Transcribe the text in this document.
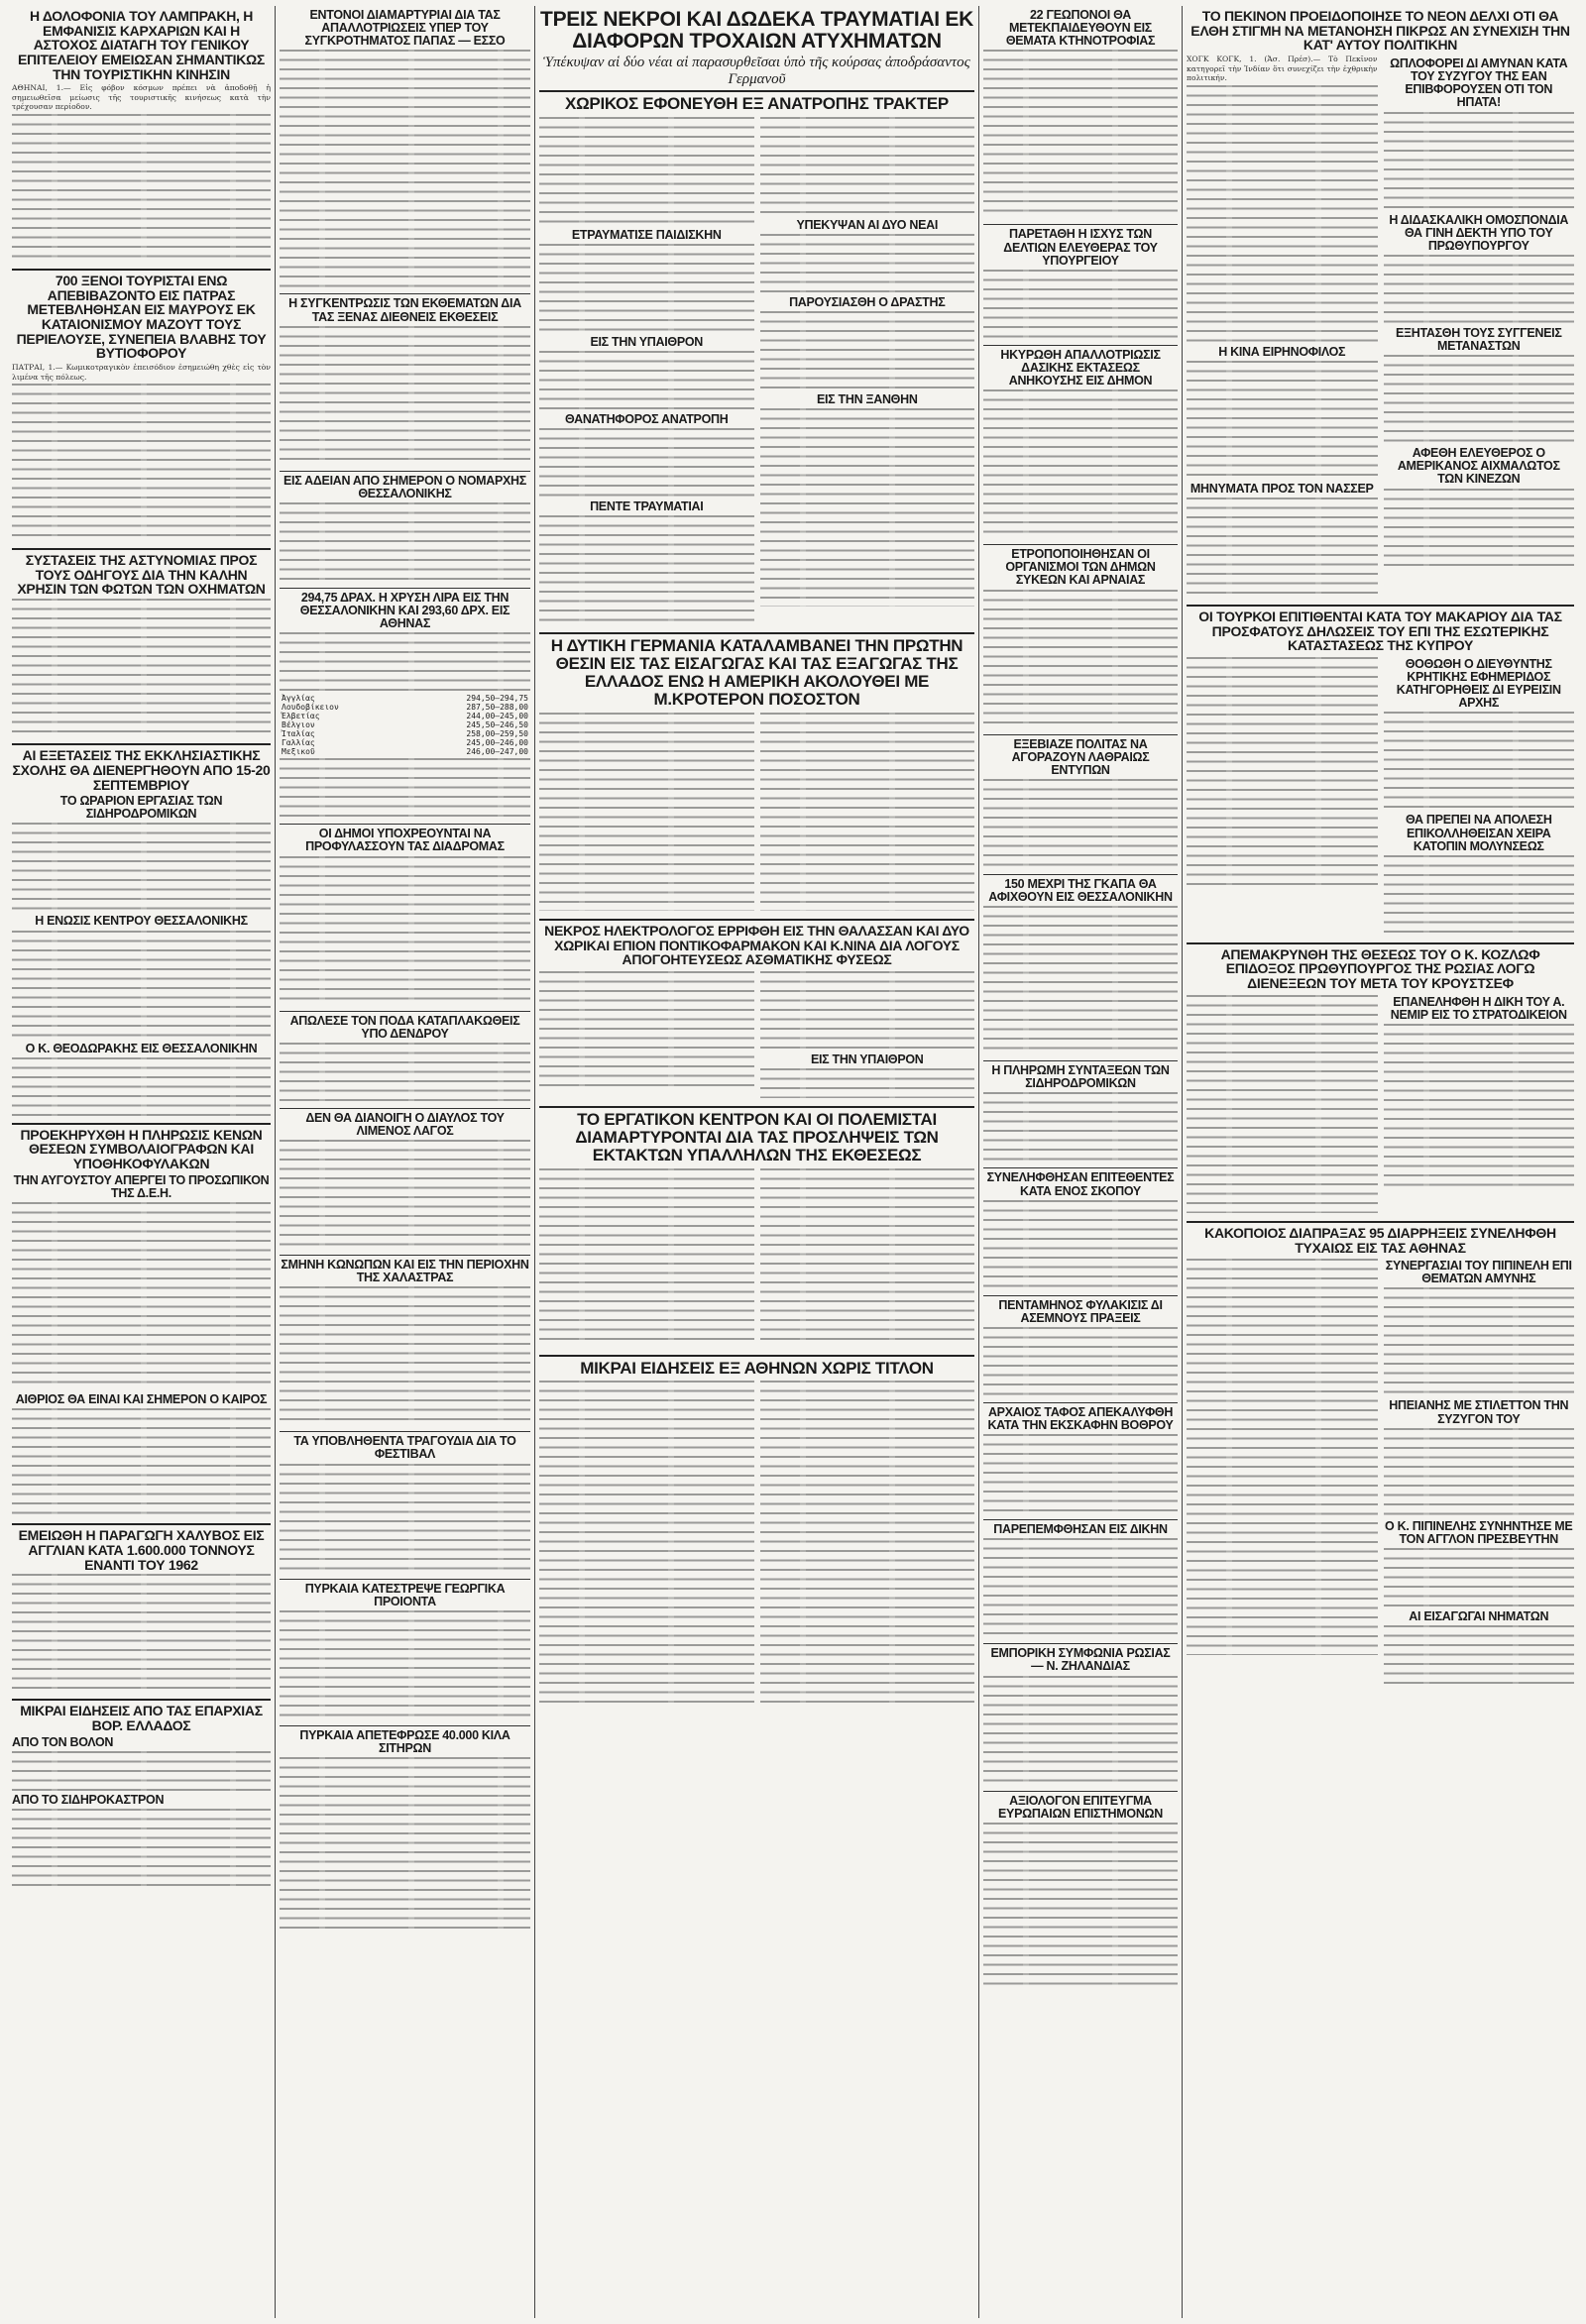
Η ΔΟΛΟΦΟΝΙΑ ΤΟΥ ΛΑΜΠΡΑΚΗ, Η ΕΜΦΑΝΙΣΙΣ ΚΑΡΧΑΡΙΩΝ ΚΑΙ Η ΑΣΤΟΧΟΣ ΔΙΑΤΑΓΗ ΤΟΥ ΓΕΝΙΚΟΥ ΕΠΙΤΕΛΕΙΟΥ ΕΜΕΙΩΣΑΝ ΣΗΜΑΝΤΙΚΩΣ ΤΗΝ ΤΟΥΡΙΣΤΙΚΗΝ ΚΙΝΗΣΙΝ
ΑΘΗΝΑΙ, 1.— Εἰς φόβον κόσμων πρέπει νὰ ἀποδοθῇ ἡ σημειωθεῖσα μείωσις τῆς τουριστικῆς κινήσεως κατὰ τὴν τρέχουσαν περίοδον.
700 ΞΕΝΟΙ ΤΟΥΡΙΣΤΑΙ ΕΝΩ ΑΠΕΒΙΒΑΖΟΝΤΟ ΕΙΣ ΠΑΤΡΑΣ ΜΕΤΕΒΛΗΘΗΣΑΝ ΕΙΣ ΜΑΥΡΟΥΣ ΕΚ ΚΑΤΑΙΟΝΙΣΜΟΥ ΜΑΖΟΥΤ ΤΟΥΣ ΠΕΡΙΕΛΟΥΣΕ, ΣΥΝΕΠΕΙΑ ΒΛΑΒΗΣ ΤΟΥ ΒΥΤΙΟΦΟΡΟΥ
ΠΑΤΡΑΙ, 1.— Κωμικοτραγικὸν ἐπεισόδιον ἐσημειώθη χθὲς εἰς τὸν λιμένα τῆς πόλεως.
ΣΥΣΤΑΣΕΙΣ ΤΗΣ ΑΣΤΥΝΟΜΙΑΣ ΠΡΟΣ ΤΟΥΣ ΟΔΗΓΟΥΣ ΔΙΑ ΤΗΝ ΚΑΛΗΝ ΧΡΗΣΙΝ ΤΩΝ ΦΩΤΩΝ ΤΩΝ ΟΧΗΜΑΤΩΝ
ΑΙ ΕΞΕΤΑΣΕΙΣ ΤΗΣ ΕΚΚΛΗΣΙΑΣΤΙΚΗΣ ΣΧΟΛΗΣ ΘΑ ΔΙΕΝΕΡΓΗΘΟΥΝ ΑΠΟ 15-20 ΣΕΠΤΕΜΒΡΙΟΥ
ΤΟ ΩΡΑΡΙΟΝ ΕΡΓΑΣΙΑΣ ΤΩΝ ΣΙΔΗΡΟΔΡΟΜΙΚΩΝ
Η ΕΝΩΣΙΣ ΚΕΝΤΡΟΥ ΘΕΣΣΑΛΟΝΙΚΗΣ
Ο Κ. ΘΕΟΔΩΡΑΚΗΣ ΕΙΣ ΘΕΣΣΑΛΟΝΙΚΗΝ
ΠΡΟΕΚΗΡΥΧΘΗ Η ΠΛΗΡΩΣΙΣ ΚΕΝΩΝ ΘΕΣΕΩΝ ΣΥΜΒΟΛΑΙΟΓΡΑΦΩΝ ΚΑΙ ΥΠΟΘΗΚΟΦΥΛΑΚΩΝ
ΤΗΝ ΑΥΓΟΥΣΤΟΥ ΑΠΕΡΓΕΙ ΤΟ ΠΡΟΣΩΠΙΚΟΝ ΤΗΣ Δ.Ε.Η.
ΑΙΘΡΙΟΣ ΘΑ ΕΙΝΑΙ ΚΑΙ ΣΗΜΕΡΟΝ Ο ΚΑΙΡΟΣ
ΕΜΕΙΩΘΗ Η ΠΑΡΑΓΩΓΗ ΧΑΛΥΒΟΣ ΕΙΣ ΑΓΓΛΙΑΝ ΚΑΤΑ 1.600.000 ΤΟΝΝΟΥΣ ΕΝΑΝΤΙ ΤΟΥ 1962
ΜΙΚΡΑΙ ΕΙΔΗΣΕΙΣ ΑΠΟ ΤΑΣ ΕΠΑΡΧΙΑΣ ΒΟΡ. ΕΛΛΑΔΟΣ
ΑΠΟ ΤΟΝ ΒΟΛΟΝ
ΑΠΟ ΤΟ ΣΙΔΗΡΟΚΑΣΤΡΟΝ
ΕΝΤΟΝΟΙ ΔΙΑΜΑΡΤΥΡΙΑΙ ΔΙΑ ΤΑΣ ΑΠΑΛΛΟΤΡΙΩΣΕΙΣ ΥΠΕΡ ΤΟΥ ΣΥΓΚΡΟΤΗΜΑΤΟΣ ΠΑΠΑΣ — ΕΣΣΟ
Η ΣΥΓΚΕΝΤΡΩΣΙΣ ΤΩΝ ΕΚΘΕΜΑΤΩΝ ΔΙΑ ΤΑΣ ΞΕΝΑΣ ΔΙΕΘΝΕΙΣ ΕΚΘΕΣΕΙΣ
ΕΙΣ ΑΔΕΙΑΝ ΑΠΟ ΣΗΜΕΡΟΝ Ο ΝΟΜΑΡΧΗΣ ΘΕΣΣΑΛΟΝΙΚΗΣ
294,75 ΔΡΑΧ. Η ΧΡΥΣΗ ΛΙΡΑ ΕΙΣ ΤΗΝ ΘΕΣΣΑΛΟΝΙΚΗΝ ΚΑΙ 293,60 ΔΡΧ. ΕΙΣ ΑΘΗΝΑΣ
Ἀγγλίας	294,50—294,75
Λουδοβίκειον	287,50—288,00
Ἑλβετίας	244,00—245,00
Βέλγιον	245,50—246,50
Ἰταλίας	258,00—259,50
Γαλλίας	245,00—246,00
Μεξικοῦ	246,00—247,00
ΟΙ ΔΗΜΟΙ ΥΠΟΧΡΕΟΥΝΤΑΙ ΝΑ ΠΡΟΦΥΛΑΣΣΟΥΝ ΤΑΣ ΔΙΑΔΡΟΜΑΣ
ΑΠΩΛΕΣΕ ΤΟΝ ΠΟΔΑ ΚΑΤΑΠΛΑΚΩΘΕΙΣ ΥΠΟ ΔΕΝΔΡΟΥ
ΔΕΝ ΘΑ ΔΙΑΝΟΙΓΗ Ο ΔΙΑΥΛΟΣ ΤΟΥ ΛΙΜΕΝΟΣ ΛΑΓΟΣ
ΣΜΗΝΗ ΚΩΝΩΠΩΝ ΚΑΙ ΕΙΣ ΤΗΝ ΠΕΡΙΟΧΗΝ ΤΗΣ ΧΑΛΑΣΤΡΑΣ
ΤΑ ΥΠΟΒΛΗΘΕΝΤΑ ΤΡΑΓΟΥΔΙΑ ΔΙΑ ΤΟ ΦΕΣΤΙΒΑΛ
ΠΥΡΚΑΙΑ ΚΑΤΕΣΤΡΕΨΕ ΓΕΩΡΓΙΚΑ ΠΡΟΙΟΝΤΑ
ΠΥΡΚΑΙΑ ΑΠΕΤΕΦΡΩΣΕ 40.000 ΚΙΛΑ ΣΙΤΗΡΩΝ
ΤΡΕΙΣ ΝΕΚΡΟΙ ΚΑΙ ΔΩΔΕΚΑ ΤΡΑΥΜΑΤΙΑΙ ΕΚ ΔΙΑΦΟΡΩΝ ΤΡΟΧΑΙΩΝ ΑΤΥΧΗΜΑΤΩΝ
Ὑπέκυψαν αἱ δύο νέαι αἱ παρασυρθεῖσαι ὑπὸ τῆς κούρσας ἀποδράσαντος Γερμανοῦ
ΧΩΡΙΚΟΣ ΕΦΟΝΕΥΘΗ ΕΞ ΑΝΑΤΡΟΠΗΣ ΤΡΑΚΤΕΡ
ΕΤΡΑΥΜΑΤΙΣΕ ΠΑΙΔΙΣΚΗΝ
ΕΙΣ ΤΗΝ ΥΠΑΙΘΡΟΝ
ΘΑΝΑΤΗΦΟΡΟΣ ΑΝΑΤΡΟΠΗ
ΠΕΝΤΕ ΤΡΑΥΜΑΤΙΑΙ
ΥΠΕΚΥΨΑΝ ΑΙ ΔΥΟ ΝΕΑΙ
ΠΑΡΟΥΣΙΑΣΘΗ Ο ΔΡΑΣΤΗΣ
ΕΙΣ ΤΗΝ ΞΑΝΘΗΝ
Η ΔΥΤΙΚΗ ΓΕΡΜΑΝΙΑ ΚΑΤΑΛΑΜΒΑΝΕΙ ΤΗΝ ΠΡΩΤΗΝ ΘΕΣΙΝ ΕΙΣ ΤΑΣ ΕΙΣΑΓΩΓΑΣ ΚΑΙ ΤΑΣ ΕΞΑΓΩΓΑΣ ΤΗΣ ΕΛΛΑΔΟΣ ΕΝΩ Η ΑΜΕΡΙΚΗ ΑΚΟΛΟΥΘΕΙ ΜΕ Μ.ΚΡΟΤΕΡΟΝ ΠΟΣΟΣΤΟΝ
ΝΕΚΡΟΣ ΗΛΕΚΤΡΟΛΟΓΟΣ ΕΡΡΙΦΘΗ ΕΙΣ ΤΗΝ ΘΑΛΑΣΣΑΝ ΚΑΙ ΔΥΟ ΧΩΡΙΚΑΙ ΕΠΙΟΝ ΠΟΝΤΙΚΟΦΑΡΜΑΚΟΝ ΚΑΙ Κ.ΝΙΝΑ ΔΙΑ ΛΟΓΟΥΣ ΑΠΟΓΟΗΤΕΥΣΕΩΣ ΑΣΘΜΑΤΙΚΗΣ ΦΥΣΕΩΣ
ΕΙΣ ΤΗΝ ΥΠΑΙΘΡΟΝ
ΤΟ ΕΡΓΑΤΙΚΟΝ ΚΕΝΤΡΟΝ ΚΑΙ ΟΙ ΠΟΛΕΜΙΣΤΑΙ ΔΙΑΜΑΡΤΥΡΟΝΤΑΙ ΔΙΑ ΤΑΣ ΠΡΟΣΛΗΨΕΙΣ ΤΩΝ ΕΚΤΑΚΤΩΝ ΥΠΑΛΛΗΛΩΝ ΤΗΣ ΕΚΘΕΣΕΩΣ
ΜΙΚΡΑΙ ΕΙΔΗΣΕΙΣ ΕΞ ΑΘΗΝΩΝ ΧΩΡΙΣ ΤΙΤΛΟΝ
22 ΓΕΩΠΟΝΟΙ ΘΑ ΜΕΤΕΚΠΑΙΔΕΥΘΟΥΝ ΕΙΣ ΘΕΜΑΤΑ ΚΤΗΝΟΤΡΟΦΙΑΣ
ΠΑΡΕΤΑΘΗ Η ΙΣΧΥΣ ΤΩΝ ΔΕΛΤΙΩΝ ΕΛΕΥΘΕΡΑΣ ΤΟΥ ΥΠΟΥΡΓΕΙΟΥ
ΗΚΥΡΩΘΗ ΑΠΑΛΛΟΤΡΙΩΣΙΣ ΔΑΣΙΚΗΣ ΕΚΤΑΣΕΩΣ ΑΝΗΚΟΥΣΗΣ ΕΙΣ ΔΗΜΟΝ
ΕΤΡΟΠΟΠΟΙΗΘΗΣΑΝ ΟΙ ΟΡΓΑΝΙΣΜΟΙ ΤΩΝ ΔΗΜΩΝ ΣΥΚΕΩΝ ΚΑΙ ΑΡΝΑΙΑΣ
ΕΞΕΒΙΑΖΕ ΠΟΛΙΤΑΣ ΝΑ ΑΓΟΡΑΖΟΥΝ ΛΑΘΡΑΙΩΣ ΕΝΤΥΠΩΝ
150 ΜΕΧΡΙ ΤΗΣ ΓΚΑΠΑ ΘΑ ΑΦΙΧΘΟΥΝ ΕΙΣ ΘΕΣΣΑΛΟΝΙΚΗΝ
Η ΠΛΗΡΩΜΗ ΣΥΝΤΑΞΕΩΝ ΤΩΝ ΣΙΔΗΡΟΔΡΟΜΙΚΩΝ
ΣΥΝΕΛΗΦΘΗΣΑΝ ΕΠΙΤΕΘΕΝΤΕΣ ΚΑΤΑ ΕΝΟΣ ΣΚΟΠΟΥ
ΠΕΝΤΑΜΗΝΟΣ ΦΥΛΑΚΙΣΙΣ ΔΙ ΑΣΕΜΝΟΥΣ ΠΡΑΞΕΙΣ
ΑΡΧΑΙΟΣ ΤΑΦΟΣ ΑΠΕΚΑΛΥΦΘΗ ΚΑΤΑ ΤΗΝ ΕΚΣΚΑΦΗΝ ΒΟΘΡΟΥ
ΠΑΡΕΠΕΜΦΘΗΣΑΝ ΕΙΣ ΔΙΚΗΝ
ΕΜΠΟΡΙΚΗ ΣΥΜΦΩΝΙΑ ΡΩΣΙΑΣ — Ν. ΖΗΛΑΝΔΙΑΣ
ΑΞΙΟΛΟΓΟΝ ΕΠΙΤΕΥΓΜΑ ΕΥΡΩΠΑΙΩΝ ΕΠΙΣΤΗΜΟΝΩΝ
ΤΟ ΠΕΚΙΝΟΝ ΠΡΟΕΙΔΟΠΟΙΗΣΕ ΤΟ ΝΕΟΝ ΔΕΛΧΙ ΟΤΙ ΘΑ ΕΛΘΗ ΣΤΙΓΜΗ ΝΑ ΜΕΤΑΝΟΗΣΗ ΠΙΚΡΩΣ ΑΝ ΣΥΝΕΧΙΣΗ ΤΗΝ ΚΑΤ' ΑΥΤΟΥ ΠΟΛΙΤΙΚΗΝ
ΧΟΓΚ ΚΟΓΚ, 1. (Ἀσ. Πρέσ).— Τὸ Πεκῖνον κατηγορεῖ τὴν Ἰνδίαν ὅτι συνεχίζει τὴν ἐχθρικὴν πολιτικήν.
Η ΚΙΝΑ ΕΙΡΗΝΟΦΙΛΟΣ
ΜΗΝΥΜΑΤΑ ΠΡΟΣ ΤΟΝ ΝΑΣΣΕΡ
ΩΠΛΟΦΟΡΕΙ ΔΙ ΑΜΥΝΑΝ ΚΑΤΑ ΤΟΥ ΣΥΖΥΓΟΥ ΤΗΣ ΕΑΝ ΕΠΙΒΦΟΡΟΥΣΕΝ ΟΤΙ ΤΟΝ ΗΠΑΤΑ!
Η ΔΙΔΑΣΚΑΛΙΚΗ ΟΜΟΣΠΟΝΔΙΑ ΘΑ ΓΙΝΗ ΔΕΚΤΗ ΥΠΟ ΤΟΥ ΠΡΩΘΥΠΟΥΡΓΟΥ
ΕΞΗΤΑΣΘΗ ΤΟΥΣ ΣΥΓΓΕΝΕΙΣ ΜΕΤΑΝΑΣΤΩΝ
ΑΦΕΘΗ ΕΛΕΥΘΕΡΟΣ Ο ΑΜΕΡΙΚΑΝΟΣ ΑΙΧΜΑΛΩΤΟΣ ΤΩΝ ΚΙΝΕΖΩΝ
ΟΙ ΤΟΥΡΚΟΙ ΕΠΙΤΙΘΕΝΤΑΙ ΚΑΤΑ ΤΟΥ ΜΑΚΑΡΙΟΥ ΔΙΑ ΤΑΣ ΠΡΟΣΦΑΤΟΥΣ ΔΗΛΩΣΕΙΣ ΤΟΥ ΕΠΙ ΤΗΣ ΕΣΩΤΕΡΙΚΗΣ ΚΑΤΑΣΤΑΣΕΩΣ ΤΗΣ ΚΥΠΡΟΥ
ΘΟΘΩΘΗ Ο ΔΙΕΥΘΥΝΤΗΣ ΚΡΗΤΙΚΗΣ ΕΦΗΜΕΡΙΔΟΣ ΚΑΤΗΓΟΡΗΘΕΙΣ ΔΙ ΕΥΡΕΙΣΙΝ ΑΡΧΗΣ
ΘΑ ΠΡΕΠΕΙ ΝΑ ΑΠΟΛΕΣΗ ΕΠΙΚΟΛΛΗΘΕΙΣΑΝ ΧΕΙΡΑ ΚΑΤΟΠΙΝ ΜΟΛΥΝΣΕΩΣ
ΑΠΕΜΑΚΡΥΝΘΗ ΤΗΣ ΘΕΣΕΩΣ ΤΟΥ Ο Κ. ΚΟΖΛΩΦ ΕΠΙΔΟΞΟΣ ΠΡΩΘΥΠΟΥΡΓΟΣ ΤΗΣ ΡΩΣΙΑΣ ΛΟΓΩ ΔΙΕΝΕΞΕΩΝ ΤΟΥ ΜΕΤΑ ΤΟΥ ΚΡΟΥΣΤΣΕΦ
ΕΠΑΝΕΛΗΦΘΗ Η ΔΙΚΗ ΤΟΥ Α. ΝΕΜΙΡ ΕΙΣ ΤΟ ΣΤΡΑΤΟΔΙΚΕΙΟΝ
ΚΑΚΟΠΟΙΟΣ ΔΙΑΠΡΑΞΑΣ 95 ΔΙΑΡΡΗΞΕΙΣ ΣΥΝΕΛΗΦΘΗ ΤΥΧΑΙΩΣ ΕΙΣ ΤΑΣ ΑΘΗΝΑΣ
ΣΥΝΕΡΓΑΣΙΑΙ ΤΟΥ ΠΙΠΙΝΕΛΗ ΕΠΙ ΘΕΜΑΤΩΝ ΑΜΥΝΗΣ
ΗΠΕΙΑΝΗΣ ΜΕ ΣΤΙΛΕΤΤΟΝ ΤΗΝ ΣΥΖΥΓΟΝ ΤΟΥ
Ο Κ. ΠΙΠΙΝΕΛΗΣ ΣΥΝΗΝΤΗΣΕ ΜΕ ΤΟΝ ΑΓΓΛΟΝ ΠΡΕΣΒΕΥΤΗΝ
ΑΙ ΕΙΣΑΓΩΓΑΙ ΝΗΜΑΤΩΝ
